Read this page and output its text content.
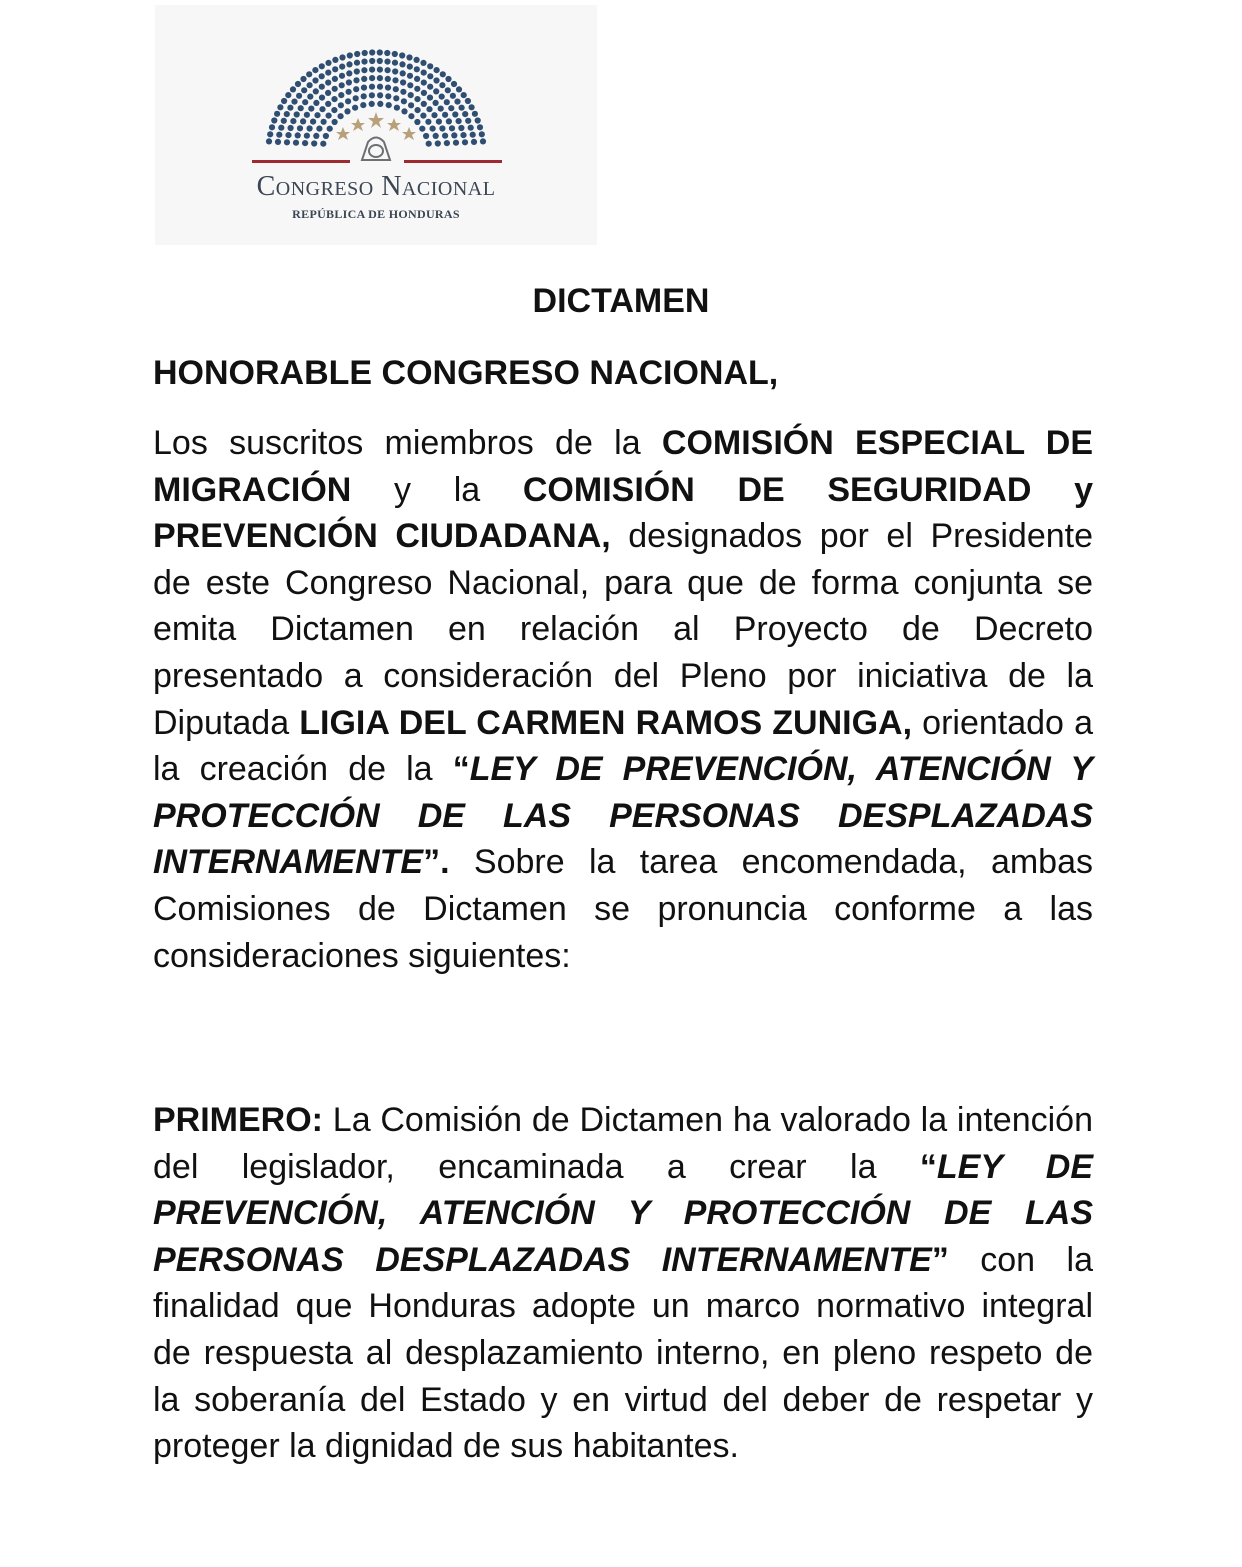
Congreso Nacional

REPÚBLICA DE HONDURAS

DICTAMEN
HONORABLE CONGRESO NACIONAL,

Los suscritos miembros de la COMISIÓN ESPECIAL DE MIGRACIÓN y la COMISIÓN DE SEGURIDAD y PREVENCIÓN CIUDADANA, designados por el Presidente de este Congreso Nacional, para que de forma conjunta se emita Dictamen en relación al Proyecto de Decreto presentado a consideración del Pleno por iniciativa de la Diputada LIGIA DEL CARMEN RAMOS ZUNIGA, orientado a la creación de la “LEY DE PREVENCIÓN, ATENCIÓN Y PROTECCIÓN DE LAS PERSONAS DESPLAZADAS INTERNAMENTE”. Sobre la tarea encomendada, ambas Comisiones de Dictamen se pronuncia conforme a las consideraciones siguientes:

PRIMERO: La Comisión de Dictamen ha valorado la intención del legislador, encaminada a crear la “LEY DE PREVENCIÓN, ATENCIÓN Y PROTECCIÓN DE LAS PERSONAS DESPLAZADAS INTERNAMENTE” con la finalidad que Honduras adopte un marco normativo integral de respuesta al desplazamiento interno, en pleno respeto de la soberanía del Estado y en virtud del deber de respetar y proteger la dignidad de sus habitantes.
